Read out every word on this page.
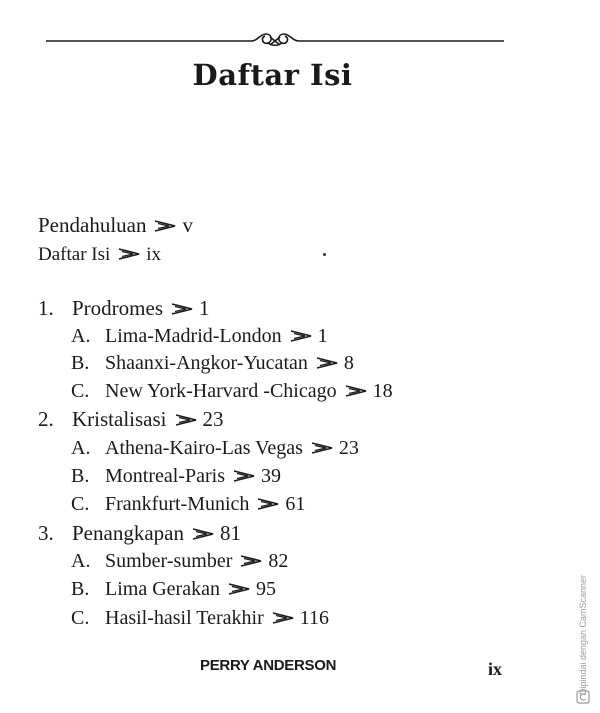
Daftar Isi
Pendahuluan v
Daftar Isi ix
1. Prodromes 1
A. Lima-Madrid-London 1
B. Shaanxi-Angkor-Yucatan 8
C. New York-Harvard -Chicago 18
2. Kristalisasi 23
A. Athena-Kairo-Las Vegas 23
B. Montreal-Paris 39
C. Frankfurt-Munich 61
3. Penangkapan 81
A. Sumber-sumber 82
B. Lima Gerakan 95
C. Hasil-hasil Terakhir 116
PERRY ANDERSON	ix	Dipindai dengan CamScanner
